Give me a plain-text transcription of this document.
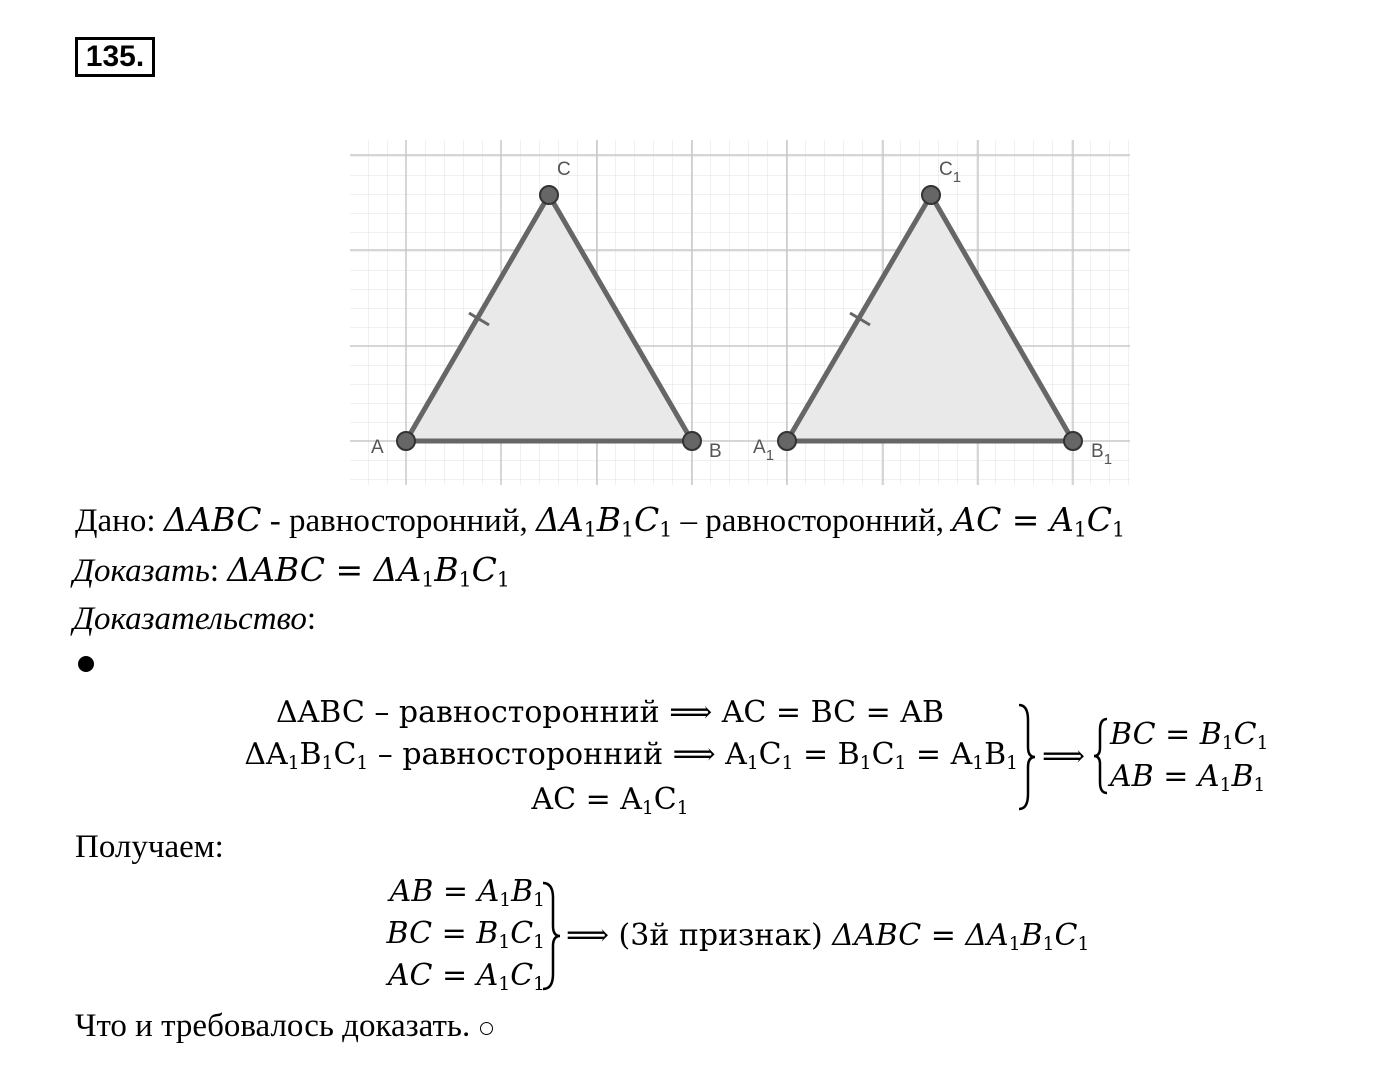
135.
A	B
C
$A_1$	$B_1$
$C_1$
Дано: ΔABC - равносторонний, $\Delta A_1B_1C_1$ – равносторонний, AC = $A_1C_1$
Доказать: $\Delta ABC = \Delta A_1B_1C_1$
Доказательство:
ΔABC – равносторонний ⟹ AC = BC = AB
$\Delta A_1B_1C_1$ – равносторонний ⟹ $A_1C_1 = B_1C_1 = A_1B_1$
AC = $A_1C_1$
⟹
BC = $B_1C_1$
AB = $A_1B_1$
Получаем:
AB = $A_1B_1$
BC = $B_1C_1$
AC = $A_1C_1$
⟹ (3й признак) $\Delta ABC = \Delta A_1B_1C_1$
Что и требовалось доказать.
